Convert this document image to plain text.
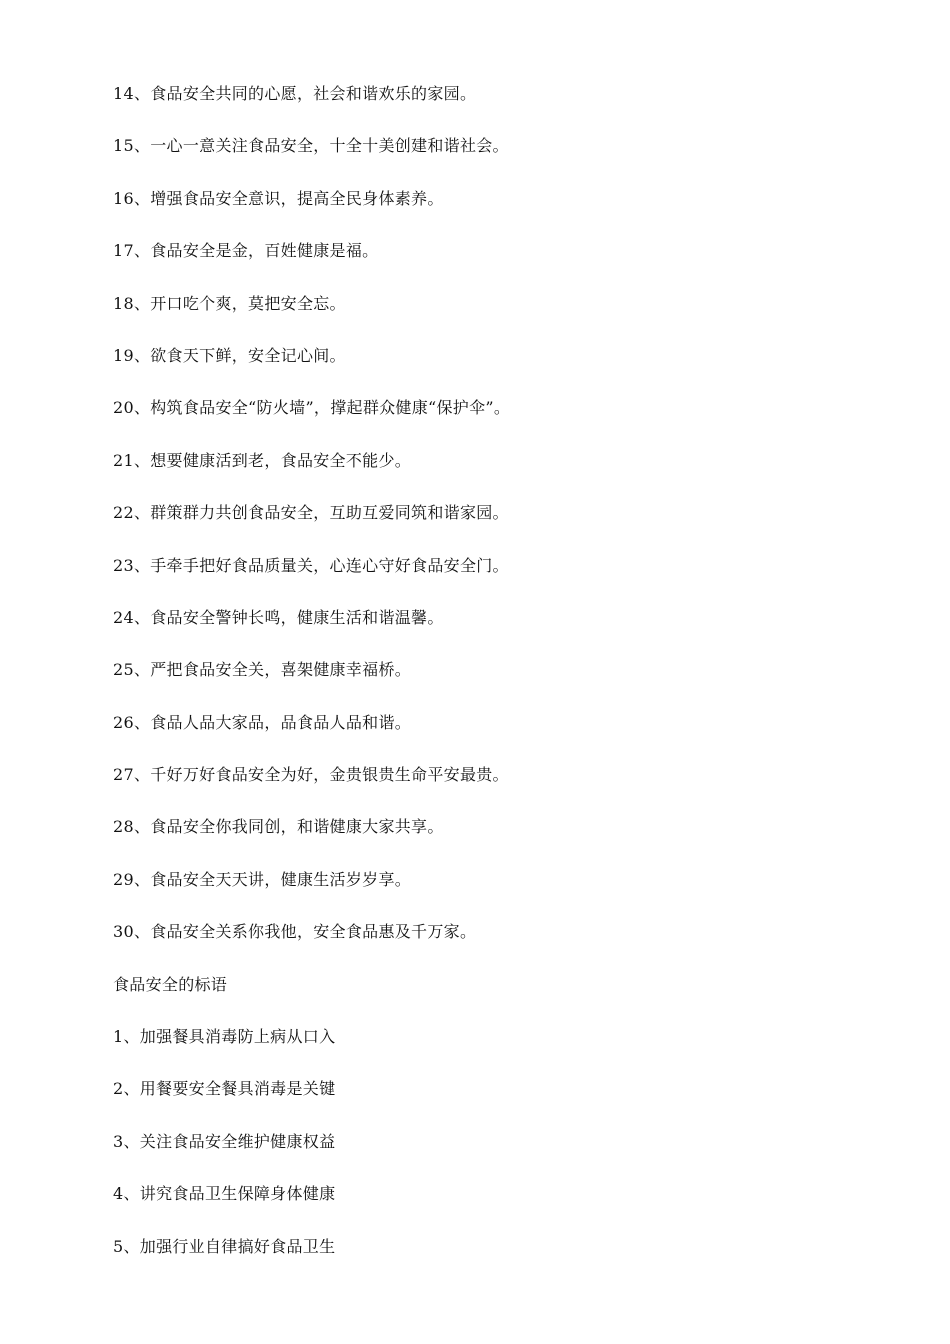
14、食品安全共同的心愿，社会和谐欢乐的家园。
15、一心一意关注食品安全，十全十美创建和谐社会。
16、增强食品安全意识，提高全民身体素养。
17、食品安全是金，百姓健康是福。
18、开口吃个爽，莫把安全忘。
19、欲食天下鲜，安全记心间。
20、构筑食品安全“防火墙”，撑起群众健康“保护伞”。
21、想要健康活到老，食品安全不能少。
22、群策群力共创食品安全，互助互爱同筑和谐家园。
23、手牵手把好食品质量关，心连心守好食品安全门。
24、食品安全警钟长鸣，健康生活和谐温馨。
25、严把食品安全关，喜架健康幸福桥。
26、食品人品大家品，品食品人品和谐。
27、千好万好食品安全为好，金贵银贵生命平安最贵。
28、食品安全你我同创，和谐健康大家共享。
29、食品安全天天讲，健康生活岁岁享。
30、食品安全关系你我他，安全食品惠及千万家。
食品安全的标语
1、加强餐具消毒防上病从口入
2、用餐要安全餐具消毒是关键
3、关注食品安全维护健康权益
4、讲究食品卫生保障身体健康
5、加强行业自律搞好食品卫生
